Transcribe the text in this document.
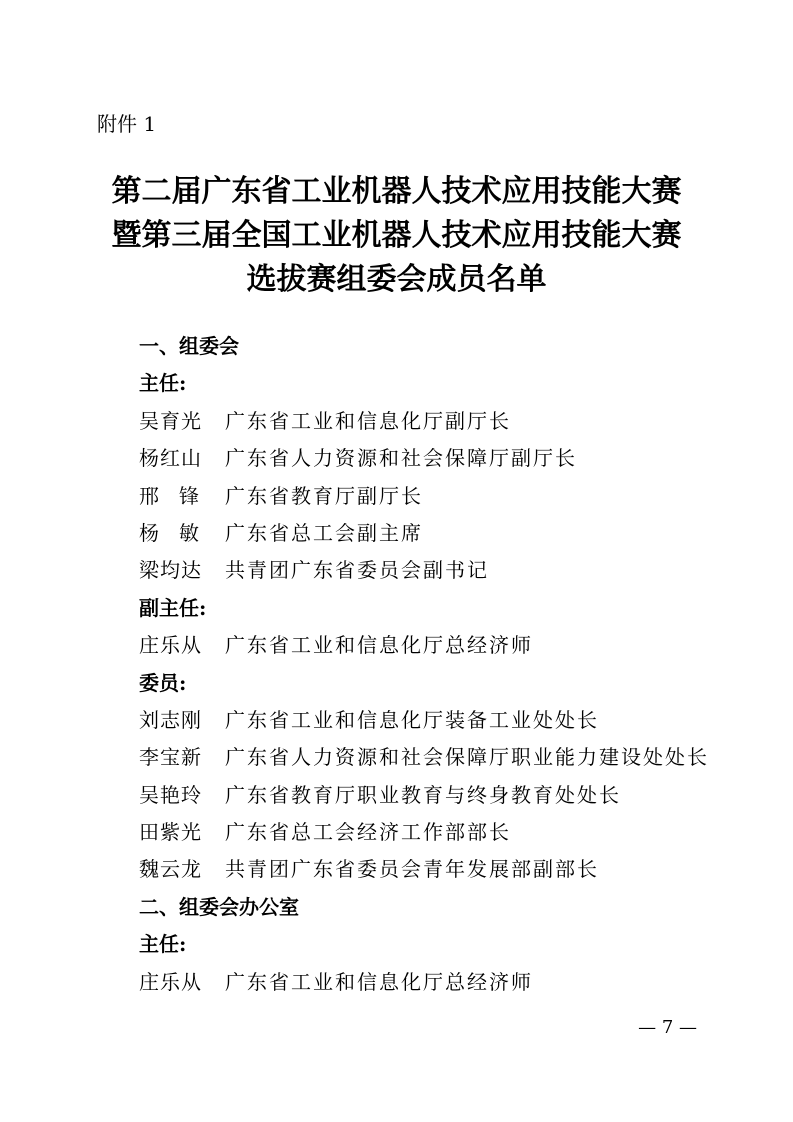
附件 1
第二届广东省工业机器人技术应用技能大赛
暨第三届全国工业机器人技术应用技能大赛
选拔赛组委会成员名单
一、组委会
主任:
吴育光 广东省工业和信息化厅副厅长
杨红山 广东省人力资源和社会保障厅副厅长
邢　锋 广东省教育厅副厅长
杨　敏 广东省总工会副主席
梁均达 共青团广东省委员会副书记
副主任:
庄乐从 广东省工业和信息化厅总经济师
委员:
刘志刚 广东省工业和信息化厅装备工业处处长
李宝新 广东省人力资源和社会保障厅职业能力建设处处长
吴艳玲 广东省教育厅职业教育与终身教育处处长
田紫光 广东省总工会经济工作部部长
魏云龙 共青团广东省委员会青年发展部副部长
二、组委会办公室
主任:
庄乐从 广东省工业和信息化厅总经济师
— 7 —
